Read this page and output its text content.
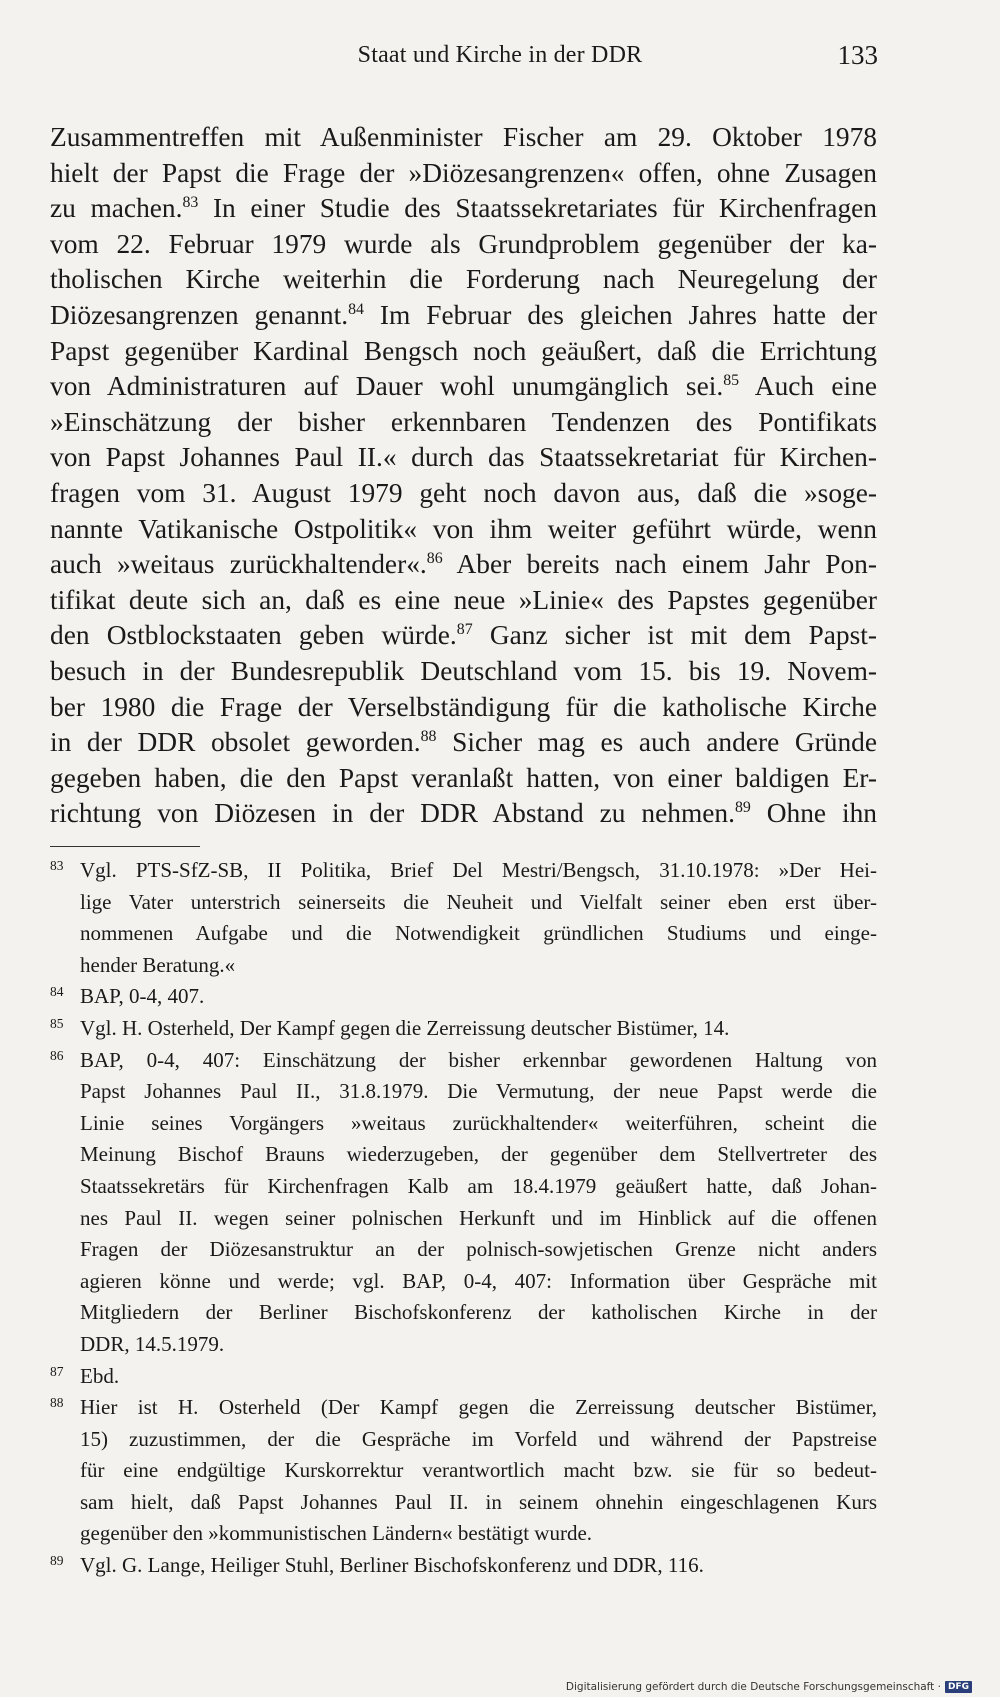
Staat und Kirche in der DDR	133
Zusammentreffen mit Außenminister Fischer am 29. Oktober 1978
hielt der Papst die Frage der »Diözesangrenzen« offen, ohne Zusagen
zu machen.$^{83}$ In einer Studie des Staatssekretariates für Kirchenfragen
vom 22. Februar 1979 wurde als Grundproblem gegenüber der ka-
tholischen Kirche weiterhin die Forderung nach Neuregelung der
Diözesangrenzen genannt.$^{84}$ Im Februar des gleichen Jahres hatte der
Papst gegenüber Kardinal Bengsch noch geäußert, daß die Errichtung
von Administraturen auf Dauer wohl unumgänglich sei.$^{85}$ Auch eine
»Einschätzung der bisher erkennbaren Tendenzen des Pontifikats
von Papst Johannes Paul II.« durch das Staatssekretariat für Kirchen-
fragen vom 31. August 1979 geht noch davon aus, daß die »soge-
nannte Vatikanische Ostpolitik« von ihm weiter geführt würde, wenn
auch »weitaus zurückhaltender«.$^{86}$ Aber bereits nach einem Jahr Pon-
tifikat deute sich an, daß es eine neue »Linie« des Papstes gegenüber
den Ostblockstaaten geben würde.$^{87}$ Ganz sicher ist mit dem Papst-
besuch in der Bundesrepublik Deutschland vom 15. bis 19. Novem-
ber 1980 die Frage der Verselbständigung für die katholische Kirche
in der DDR obsolet geworden.$^{88}$ Sicher mag es auch andere Gründe
gegeben haben, die den Papst veranlaßt hatten, von einer baldigen Er-
richtung von Diözesen in der DDR Abstand zu nehmen.$^{89}$ Ohne ihn
83 Vgl. PTS-SfZ-SB, II Politika, Brief Del Mestri/Bengsch, 31.10.1978: »Der Hei-
lige Vater unterstrich seinerseits die Neuheit und Vielfalt seiner eben erst über-
nommenen Aufgabe und die Notwendigkeit gründlichen Studiums und einge-
hender Beratung.«
84 BAP, 0-4, 407.
85 Vgl. H. Osterheld, Der Kampf gegen die Zerreissung deutscher Bistümer, 14.
86 BAP, 0-4, 407: Einschätzung der bisher erkennbar gewordenen Haltung von
Papst Johannes Paul II., 31.8.1979. Die Vermutung, der neue Papst werde die
Linie seines Vorgängers »weitaus zurückhaltender« weiterführen, scheint die
Meinung Bischof Brauns wiederzugeben, der gegenüber dem Stellvertreter des
Staatssekretärs für Kirchenfragen Kalb am 18.4.1979 geäußert hatte, daß Johan-
nes Paul II. wegen seiner polnischen Herkunft und im Hinblick auf die offenen
Fragen der Diözesanstruktur an der polnisch-sowjetischen Grenze nicht anders
agieren könne und werde; vgl. BAP, 0-4, 407: Information über Gespräche mit
Mitgliedern der Berliner Bischofskonferenz der katholischen Kirche in der
DDR, 14.5.1979.
87 Ebd.
88 Hier ist H. Osterheld (Der Kampf gegen die Zerreissung deutscher Bistümer,
15) zuzustimmen, der die Gespräche im Vorfeld und während der Papstreise
für eine endgültige Kurskorrektur verantwortlich macht bzw. sie für so bedeut-
sam hielt, daß Papst Johannes Paul II. in seinem ohnehin eingeschlagenen Kurs
gegenüber den »kommunistischen Ländern« bestätigt wurde.
89 Vgl. G. Lange, Heiliger Stuhl, Berliner Bischofskonferenz und DDR, 116.
Digitalisierung gefördert durch die Deutsche Forschungsgemeinschaft · DFG
